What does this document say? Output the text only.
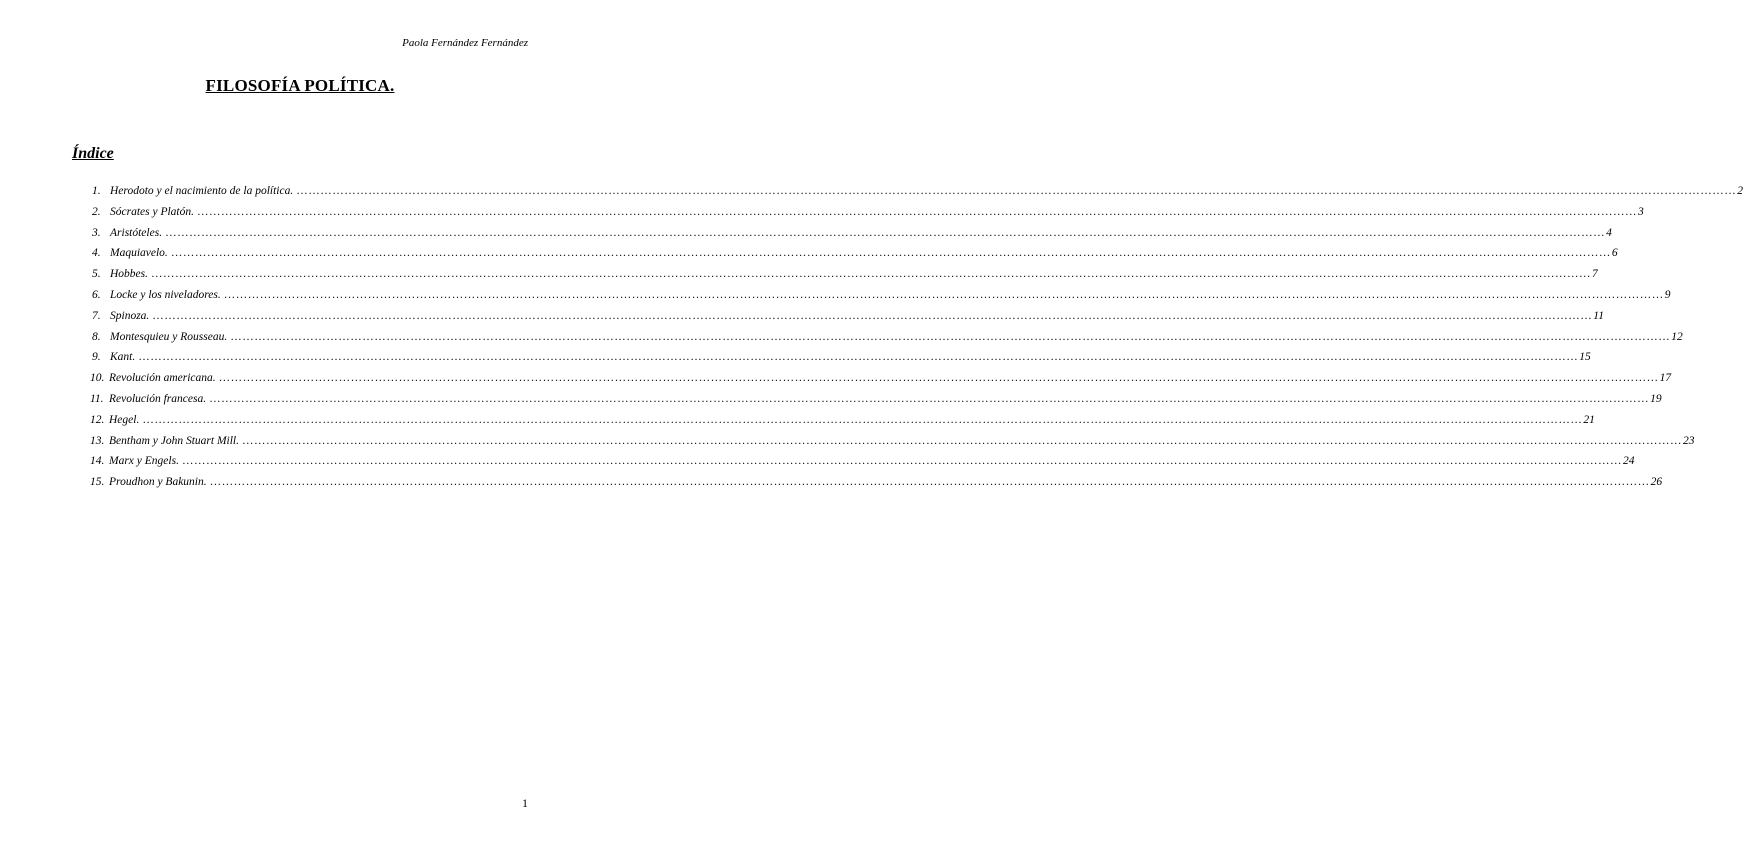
Paola Fernández Fernández
FILOSOFÍA POLÍTICA.
Índice
1. Herodoto y el nacimiento de la política. ……………………………………………………………………………………………………………………………………………………………………………………………………………………………………………………………………………………………………………………………… 2
2. Sócrates y Platón. ……………………………………………………………………………………………………………………………………………………………………………………………………………………………………………………………………………………………………………………………… 3
3. Aristóteles. ……………………………………………………………………………………………………………………………………………………………………………………………………………………………………………………………………………………………………………………………… 4
4. Maquiavelo. ……………………………………………………………………………………………………………………………………………………………………………………………………………………………………………………………………………………………………………………………… 6
5. Hobbes. ……………………………………………………………………………………………………………………………………………………………………………………………………………………………………………………………………………………………………………………………… 7
6. Locke y los niveladores. ……………………………………………………………………………………………………………………………………………………………………………………………………………………………………………………………………………………………………………………………… 9
7. Spinoza. ……………………………………………………………………………………………………………………………………………………………………………………………………………………………………………………………………………………………………………………………… 11
8. Montesquieu y Rousseau. ……………………………………………………………………………………………………………………………………………………………………………………………………………………………………………………………………………………………………………………………… 12
9. Kant. ……………………………………………………………………………………………………………………………………………………………………………………………………………………………………………………………………………………………………………………………… 15
10. Revolución americana. ……………………………………………………………………………………………………………………………………………………………………………………………………………………………………………………………………………………………………………………………… 17
11. Revolución francesa. ……………………………………………………………………………………………………………………………………………………………………………………………………………………………………………………………………………………………………………………………… 19
12. Hegel. ……………………………………………………………………………………………………………………………………………………………………………………………………………………………………………………………………………………………………………………………… 21
13. Bentham y John Stuart Mill. ……………………………………………………………………………………………………………………………………………………………………………………………………………………………………………………………………………………………………………………………… 23
14. Marx y Engels. ……………………………………………………………………………………………………………………………………………………………………………………………………………………………………………………………………………………………………………………………… 24
15. Proudhon y Bakunin. ……………………………………………………………………………………………………………………………………………………………………………………………………………………………………………………………………………………………………………………………… 26
1
